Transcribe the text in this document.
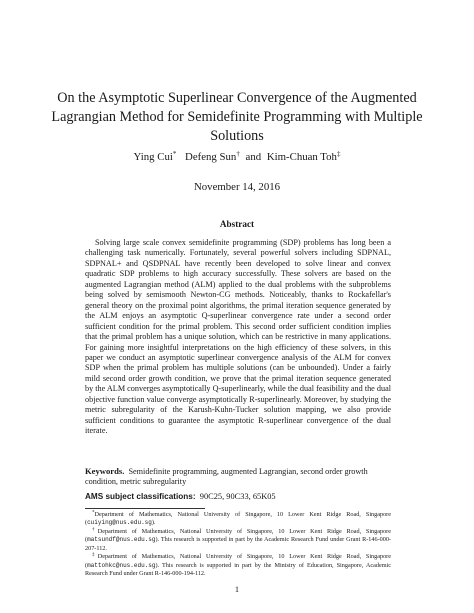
On the Asymptotic Superlinear Convergence of the Augmented Lagrangian Method for Semidefinite Programming with Multiple Solutions
Ying Cui* Defeng Sun† and Kim-Chuan Toh‡
November 14, 2016
Abstract

Solving large scale convex semidefinite programming (SDP) problems has long been a challenging task numerically. Fortunately, several powerful solvers including SDPNAL, SDPNAL+ and QSDPNAL have recently been developed to solve linear and convex quadratic SDP problems to high accuracy successfully. These solvers are based on the augmented Lagrangian method (ALM) applied to the dual problems with the subproblems being solved by semismooth Newton-CG methods. Noticeably, thanks to Rockafellar's general theory on the proximal point algorithms, the primal iteration sequence generated by the ALM enjoys an asymptotic Q-superlinear convergence rate under a second order sufficient condition for the primal problem. This second order sufficient condition implies that the primal problem has a unique solution, which can be restrictive in many applications. For gaining more insightful interpretations on the high efficiency of these solvers, in this paper we conduct an asymptotic superlinear convergence analysis of the ALM for convex SDP when the primal problem has multiple solutions (can be unbounded). Under a fairly mild second order growth condition, we prove that the primal iteration sequence generated by the ALM converges asymptotically Q-superlinearly, while the dual feasibility and the dual objective function value converge asymptotically R-superlinearly. Moreover, by studying the metric subregularity of the Karush-Kuhn-Tucker solution mapping, we also provide sufficient conditions to guarantee the asymptotic R-superlinear convergence of the dual iterate.

Keywords. Semidefinite programming, augmented Lagrangian, second order growth condition, metric subregularity

AMS subject classifications: 90C25, 90C33, 65K05

*Department of Mathematics, National University of Singapore, 10 Lower Kent Ridge Road, Singapore (cuiying@nus.edu.sg).

†Department of Mathematics, National University of Singapore, 10 Lower Kent Ridge Road, Singapore (matsundf@nus.edu.sg). This research is supported in part by the Academic Research Fund under Grant R-146-000-207-112.

‡Department of Mathematics, National University of Singapore, 10 Lower Kent Ridge Road, Singapore (mattohkc@nus.edu.sg). This research is supported in part by the Ministry of Education, Singapore, Academic Research Fund under Grant R-146-000-194-112.

1
